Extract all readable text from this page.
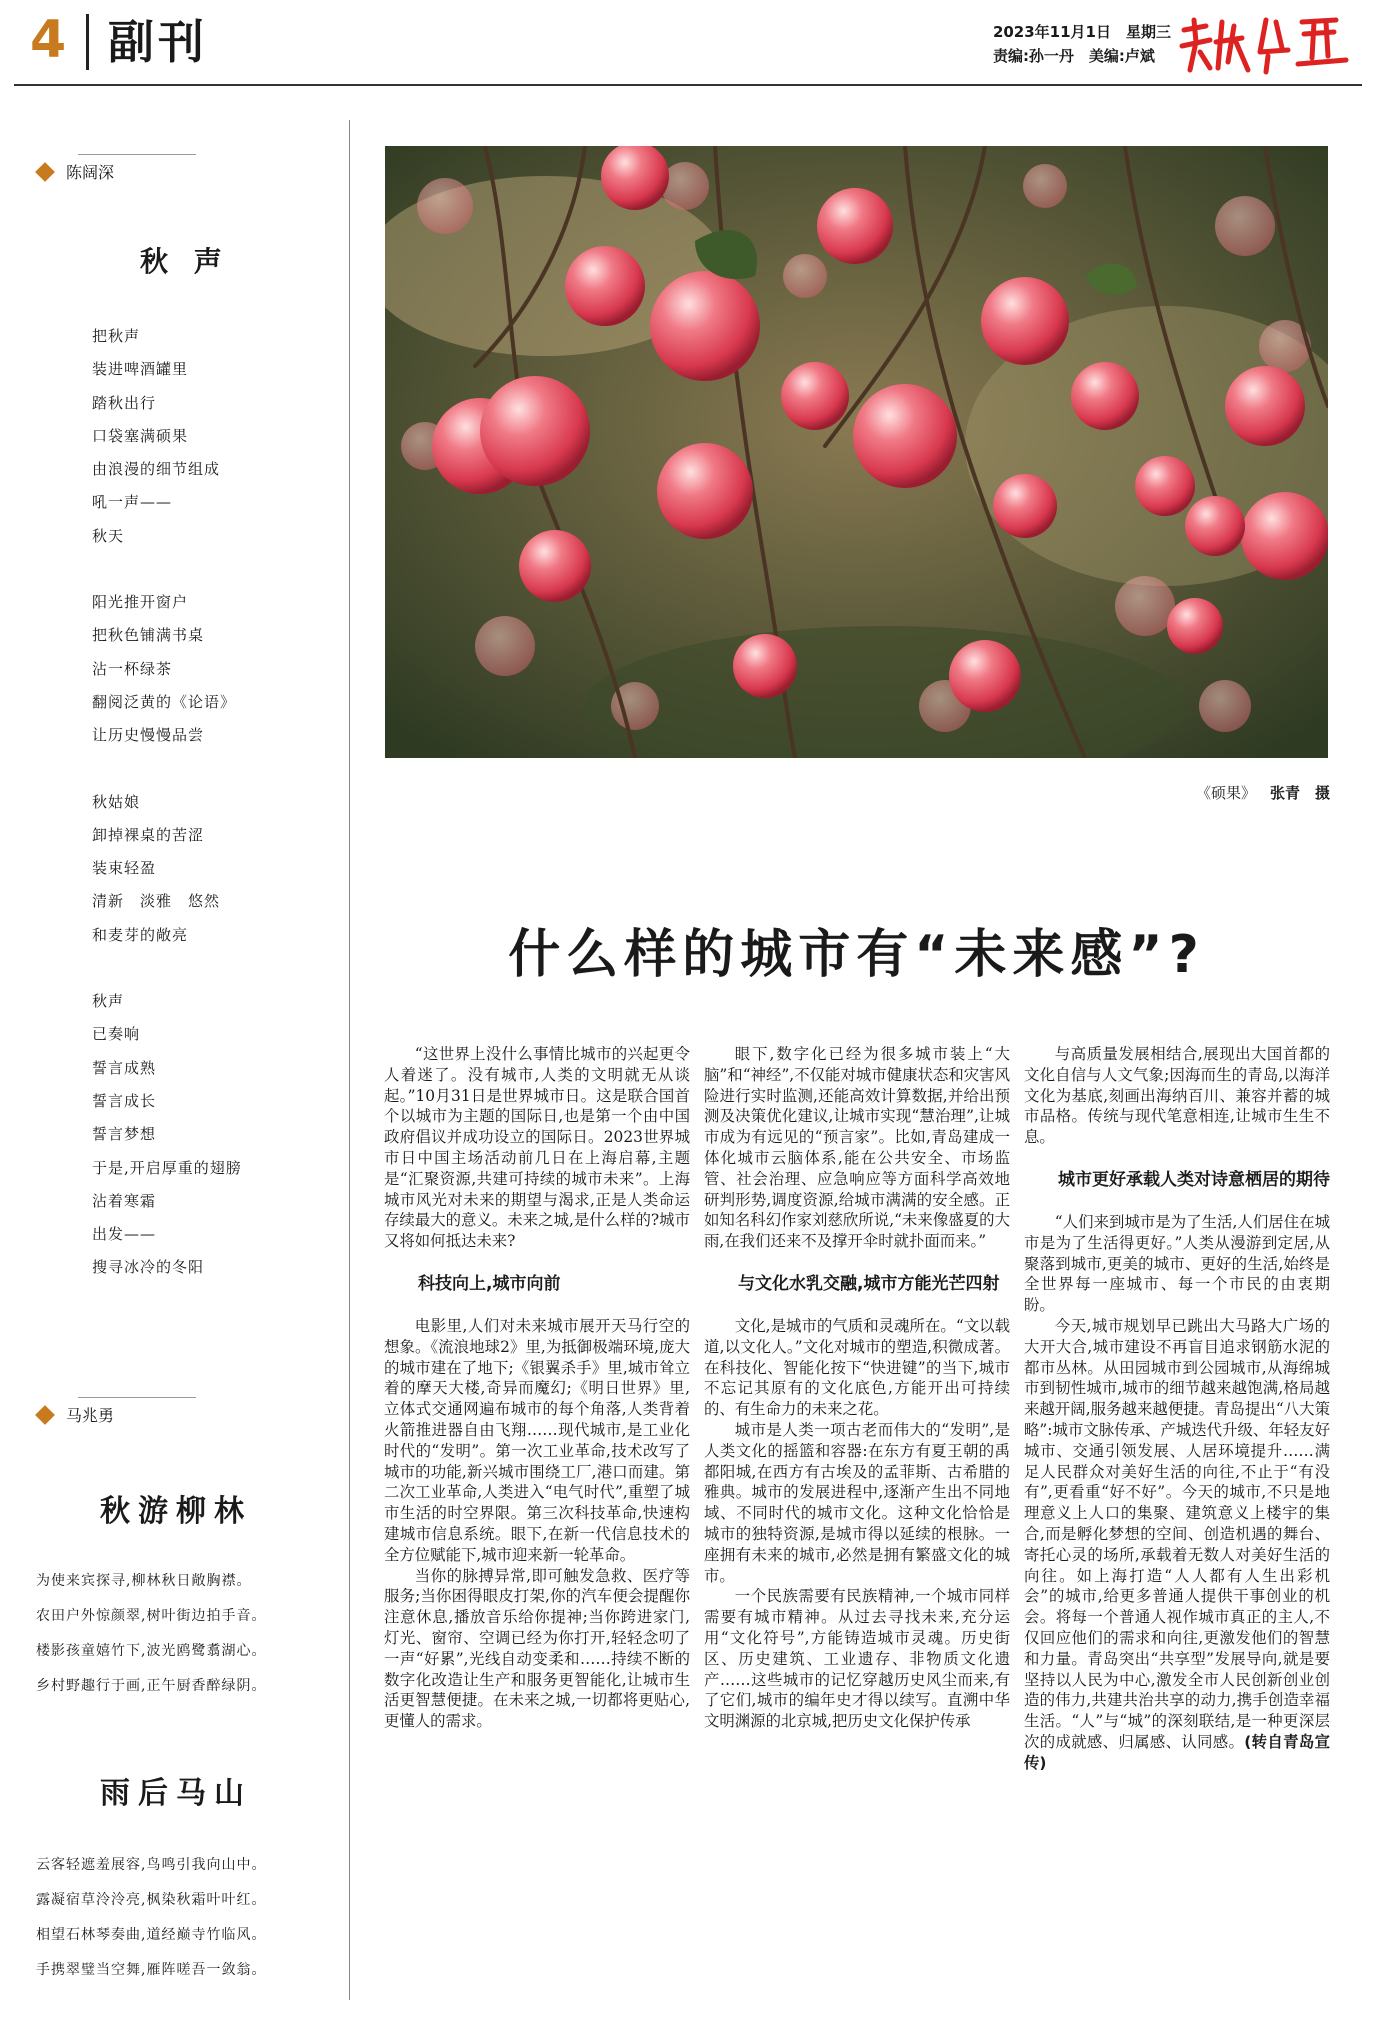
4 副刊	2023年11月1日　星期三
责编:孙一丹　美编:卢斌
陈阔深
秋 声
把秋声
装进啤酒罐里
踏秋出行
口袋塞满硕果
由浪漫的细节组成
吼一声——
秋天
阳光推开窗户
把秋色铺满书桌
沾一杯绿茶
翻阅泛黄的《论语》
让历史慢慢品尝
秋姑娘
卸掉裸桌的苦涩
装束轻盈
清新　淡雅　悠然
和麦芽的敞亮
秋声
已奏响
誓言成熟
誓言成长
誓言梦想
于是,开启厚重的翅膀
沾着寒霜
出发——
搜寻冰冷的冬阳
马兆勇
秋游柳林
为使来宾探寻,柳林秋日敞胸襟。
农田户外惊颜翠,树叶街边拍手音。
楼影孩童嬉竹下,波光鸥鹭翥湖心。
乡村野趣行于画,正午厨香醉绿阴。
雨后马山
云客轻遮羞展容,鸟鸣引我向山中。
露凝宿草泠泠亮,枫染秋霜叶叶红。
相望石林琴奏曲,道经巅寺竹临风。
手携翠璧当空舞,雁阵嗟吾一敛翁。
《硕果》 张青　摄
什么样的城市有“未来感”?

“这世界上没什么事情比城市的兴起更令人着迷了。没有城市,人类的文明就无从谈起。”10月31日是世界城市日。这是联合国首个以城市为主题的国际日,也是第一个由中国政府倡议并成功设立的国际日。2023世界城市日中国主场活动前几日在上海启幕,主题是“汇聚资源,共建可持续的城市未来”。上海城市风光对未来的期望与渴求,正是人类命运存续最大的意义。未来之城,是什么样的?城市又将如何抵达未来?

科技向上,城市向前

电影里,人们对未来城市展开天马行空的想象。《流浪地球2》里,为抵御极端环境,庞大的城市建在了地下;《银翼杀手》里,城市耸立着的摩天大楼,奇异而魔幻;《明日世界》里,立体式交通网遍布城市的每个角落,人类背着火箭推进器自由飞翔……现代城市,是工业化时代的“发明”。第一次工业革命,技术改写了城市的功能,新兴城市围绕工厂,港口而建。第二次工业革命,人类进入“电气时代”,重塑了城市生活的时空界限。第三次科技革命,快速构建城市信息系统。眼下,在新一代信息技术的全方位赋能下,城市迎来新一轮革命。

当你的脉搏异常,即可触发急救、医疗等服务;当你困得眼皮打架,你的汽车便会提醒你注意休息,播放音乐给你提神;当你跨进家门,灯光、窗帘、空调已经为你打开,轻轻念叨了一声“好累”,光线自动变柔和……持续不断的数字化改造让生产和服务更智能化,让城市生活更智慧便捷。在未来之城,一切都将更贴心,更懂人的需求。

眼下,数字化已经为很多城市装上“大脑”和“神经”,不仅能对城市健康状态和灾害风险进行实时监测,还能高效计算数据,并给出预测及决策优化建议,让城市实现“慧治理”,让城市成为有远见的“预言家”。比如,青岛建成一体化城市云脑体系,能在公共安全、市场监管、社会治理、应急响应等方面科学高效地研判形势,调度资源,给城市满满的安全感。正如知名科幻作家刘慈欣所说,“未来像盛夏的大雨,在我们还来不及撑开伞时就扑面而来。”

与文化水乳交融,城市方能光芒四射

文化,是城市的气质和灵魂所在。“文以载道,以文化人。”文化对城市的塑造,积微成著。在科技化、智能化按下“快进键”的当下,城市不忘记其原有的文化底色,方能开出可持续的、有生命力的未来之花。

城市是人类一项古老而伟大的“发明”,是人类文化的摇篮和容器:在东方有夏王朝的禹都阳城,在西方有古埃及的孟菲斯、古希腊的雅典。城市的发展进程中,逐渐产生出不同地域、不同时代的城市文化。这种文化恰恰是城市的独特资源,是城市得以延续的根脉。一座拥有未来的城市,必然是拥有繁盛文化的城市。

一个民族需要有民族精神,一个城市同样需要有城市精神。从过去寻找未来,充分运用“文化符号”,方能铸造城市灵魂。历史街区、历史建筑、工业遗存、非物质文化遗产……这些城市的记忆穿越历史风尘而来,有了它们,城市的编年史才得以续写。直溯中华文明渊源的北京城,把历史文化保护传承

与高质量发展相结合,展现出大国首都的文化自信与人文气象;因海而生的青岛,以海洋文化为基底,刻画出海纳百川、兼容并蓄的城市品格。传统与现代笔意相连,让城市生生不息。

城市更好承载人类对诗意栖居的期待

“人们来到城市是为了生活,人们居住在城市是为了生活得更好。”人类从漫游到定居,从聚落到城市,更美的城市、更好的生活,始终是全世界每一座城市、每一个市民的由衷期盼。

今天,城市规划早已跳出大马路大广场的大开大合,城市建设不再盲目追求钢筋水泥的都市丛林。从田园城市到公园城市,从海绵城市到韧性城市,城市的细节越来越饱满,格局越来越开阔,服务越来越便捷。青岛提出“八大策略”:城市文脉传承、产城迭代升级、年轻友好城市、交通引领发展、人居环境提升……满足人民群众对美好生活的向往,不止于“有没有”,更看重“好不好”。今天的城市,不只是地理意义上人口的集聚、建筑意义上楼宇的集合,而是孵化梦想的空间、创造机遇的舞台、寄托心灵的场所,承载着无数人对美好生活的向往。如上海打造“人人都有人生出彩机会”的城市,给更多普通人提供干事创业的机会。将每一个普通人视作城市真正的主人,不仅回应他们的需求和向往,更激发他们的智慧和力量。青岛突出“共享型”发展导向,就是要坚持以人民为中心,激发全市人民创新创业创造的伟力,共建共治共享的动力,携手创造幸福生活。“人”与“城”的深刻联结,是一种更深层次的成就感、归属感、认同感。(转自青岛宣传)
